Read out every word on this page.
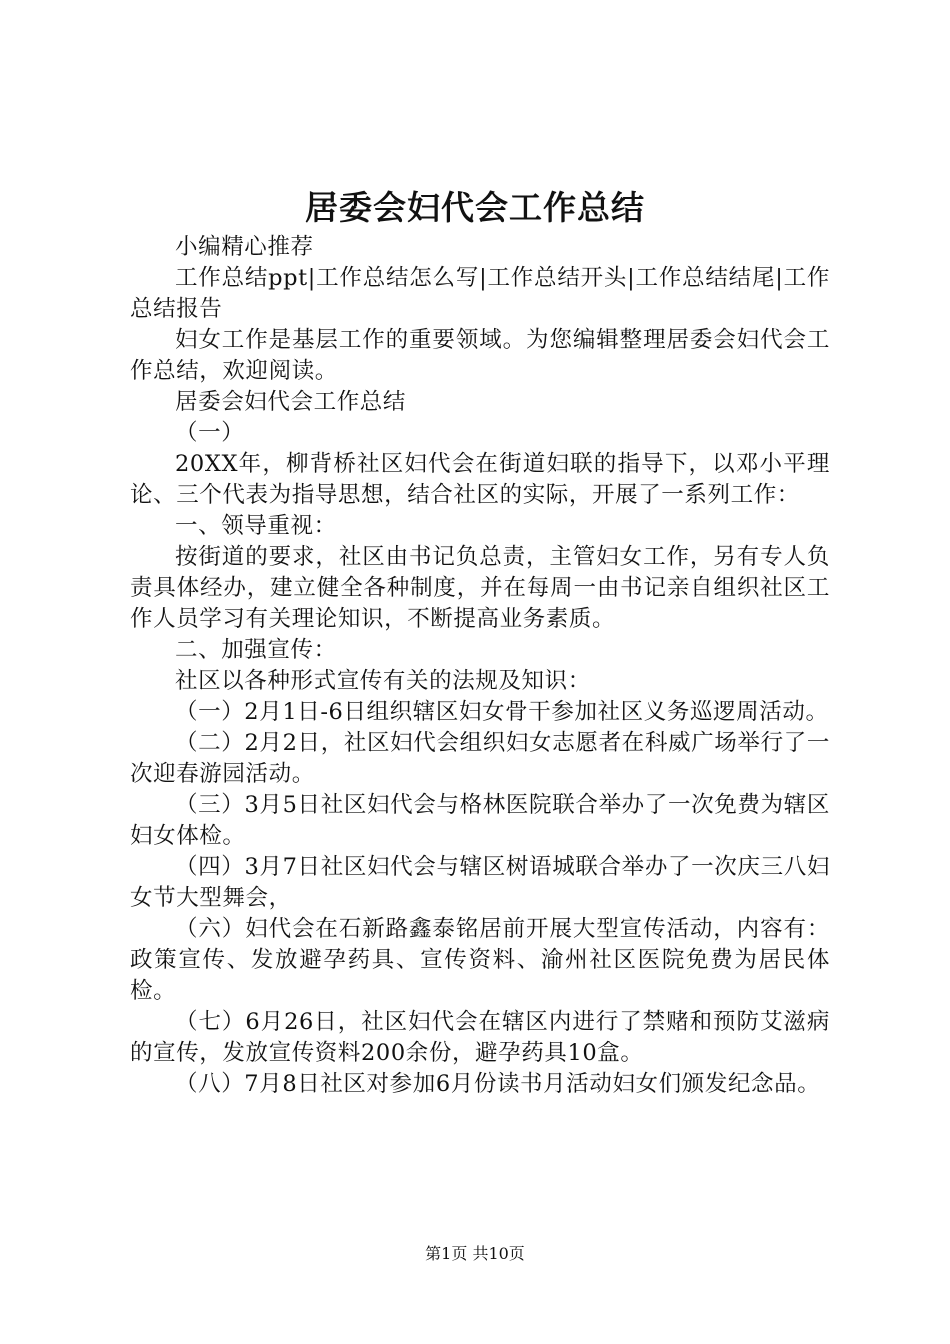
居委会妇代会工作总结

小编精心推荐

工作总结ppt|工作总结怎么写|工作总结开头|工作总结结尾|工作总结报告

妇女工作是基层工作的重要领域。为您编辑整理居委会妇代会工作总结，欢迎阅读。

居委会妇代会工作总结

（一）

20XX年，柳背桥社区妇代会在街道妇联的指导下，以邓小平理论、三个代表为指导思想，结合社区的实际，开展了一系列工作：

一、领导重视：

按街道的要求，社区由书记负总责，主管妇女工作，另有专人负责具体经办，建立健全各种制度，并在每周一由书记亲自组织社区工作人员学习有关理论知识，不断提高业务素质。

二、加强宣传：

社区以各种形式宣传有关的法规及知识：

（一）2月1日-6日组织辖区妇女骨干参加社区义务巡逻周活动。

（二）2月2日，社区妇代会组织妇女志愿者在科威广场举行了一次迎春游园活动。

（三）3月5日社区妇代会与格林医院联合举办了一次免费为辖区妇女体检。

（四）3月7日社区妇代会与辖区树语城联合举办了一次庆三八妇女节大型舞会，

（六）妇代会在石新路鑫泰铭居前开展大型宣传活动，内容有：政策宣传、发放避孕药具、宣传资料、渝州社区医院免费为居民体检。

（七）6月26日，社区妇代会在辖区内进行了禁赌和预防艾滋病的宣传，发放宣传资料200余份，避孕药具10盒。

（八）7月8日社区对参加6月份读书月活动妇女们颁发纪念品。

第1页 共10页
